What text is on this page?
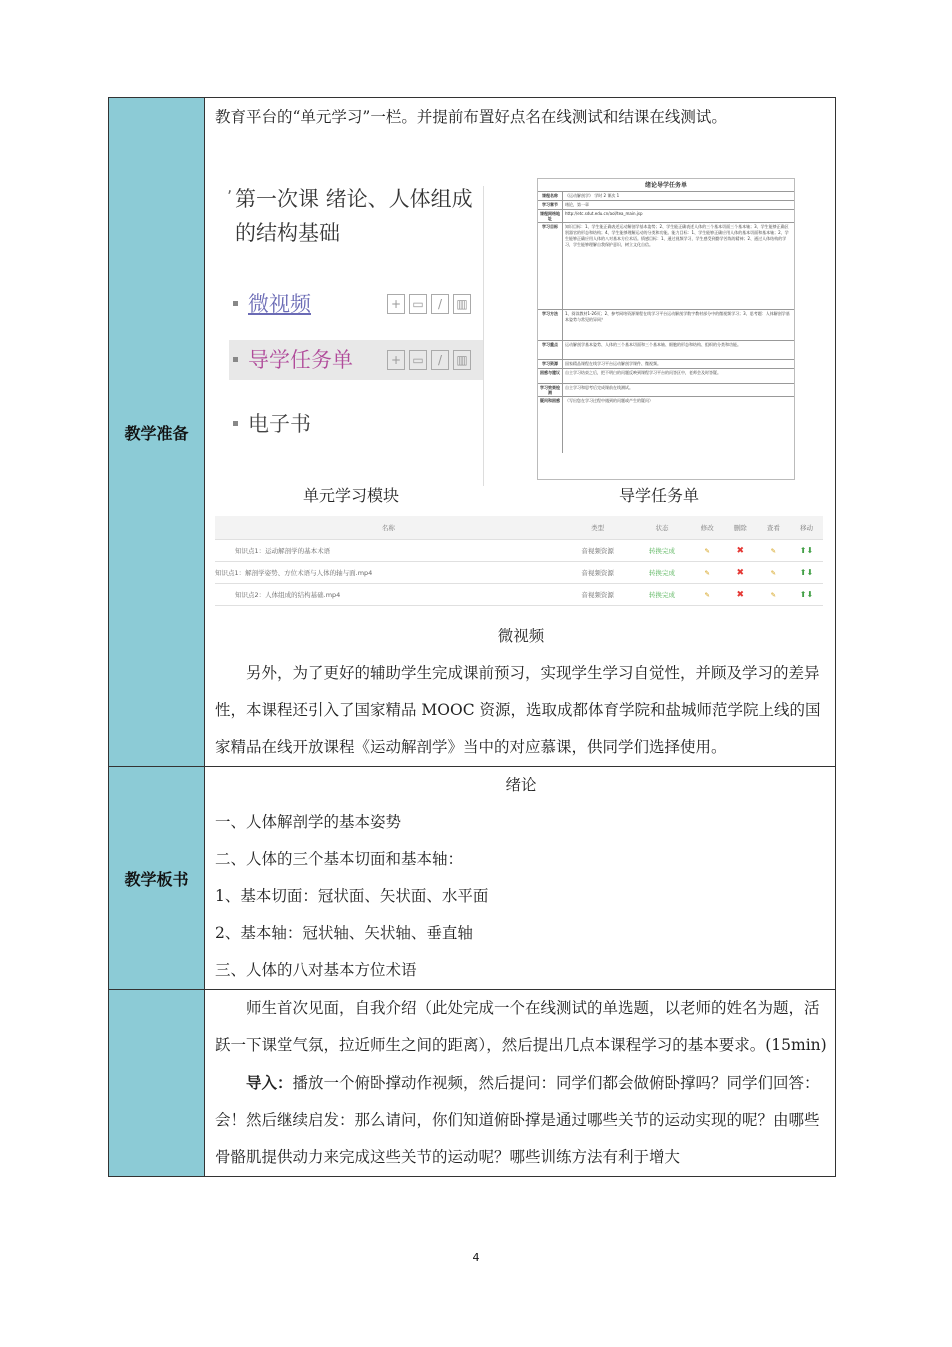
教学准备	
教育平台的“单元学习”一栏。并提前布置好点名在线测试和结课在线测试。
ʼ 第一次课 绪论、人体组成的结构基础
微视频	+ ▭	/	▥
导学任务单	+ ▭	/	▥
电子书
绪论导学任务单
课程名称	《运动解剖学》 学时 2 课次 1
学习章节	绪论，第一章
课程网络地址
http://etc.sdut.edu.cn/aol/tea_main.jsp
学习目标	知识目标：1、学生能正确表述运动解剖学基本姿势；2、学生能正确表述人体的三个基本切面三个基本轴；3、学生能够正确区别器官的形态和结构；4、学生能够理解运动的分类和功能。能力目标：1、学生能够正确应用人体的基本切面和基本轴；2、学生能够正确应用人体的八对基本方位术语。情感目标：1、通过视频学习，学生感受到勤学苦练的精神；2、通过人体结构的学习，学生能够理解自我保护意识，树立文化自信。
学习方法	1、阅读教材1-26页；2、参考网络资源课程在线学习平台运动解剖学数字教材部分中的微视频学习；3、思考题：人体解剖学基本姿势与常见的异同？
学习重点	运动解剖学基本姿势、人体的三个基本切面和三个基本轴、细胞的形态和结构、组织的分类和功能。
学习资源	国家精品课程在线学习平台运动解剖学课件、微视频。
困惑与建议	自主学习结束之后，把不明白的问题反映到课程学习平台的问答区中，老师会及时答疑。
学习效果检测
自主学习和思考后完成课前在线测试。
疑问和困惑	（写出您在学习过程中遇到的问题或产生的疑问）
单元学习模块	导学任务单
名称	类型	状态	修改	删除	查看	移动
知识点1：运动解剖学的基本术语	音视频资源	转换完成	✎	✖	✎	⬆⬇
知识点1：解剖学姿势、方位术语与人体的轴与面.mp4	音视频资源	转换完成	✎	✖	✎	⬆⬇
知识点2：人体组成的结构基础.mp4	音视频资源	转换完成	✎	✖	✎	⬆⬇
微视频
另外，为了更好的辅助学生完成课前预习，实现学生学习自觉性，并顾及学习的差异性，本课程还引入了国家精品 MOOC 资源，选取成都体育学院和盐城师范学院上线的国家精品在线开放课程《运动解剖学》当中的对应慕课，供同学们选择使用。

教学板书	
绪论
一、人体解剖学的基本姿势
二、人体的三个基本切面和基本轴：
1、基本切面：冠状面、矢状面、水平面
2、基本轴：冠状轴、矢状轴、垂直轴
三、人体的八对基本方位术语

师生首次见面，自我介绍（此处完成一个在线测试的单选题，以老师的姓名为题，活跃一下课堂气氛，拉近师生之间的距离），然后提出几点本课程学习的基本要求。(15min)
导入：播放一个俯卧撑动作视频，然后提问：同学们都会做俯卧撑吗？同学们回答：会！然后继续启发：那么请问，你们知道俯卧撑是通过哪些关节的运动实现的呢？由哪些骨骼肌提供动力来完成这些关节的运动呢？哪些训练方法有利于增大
4
